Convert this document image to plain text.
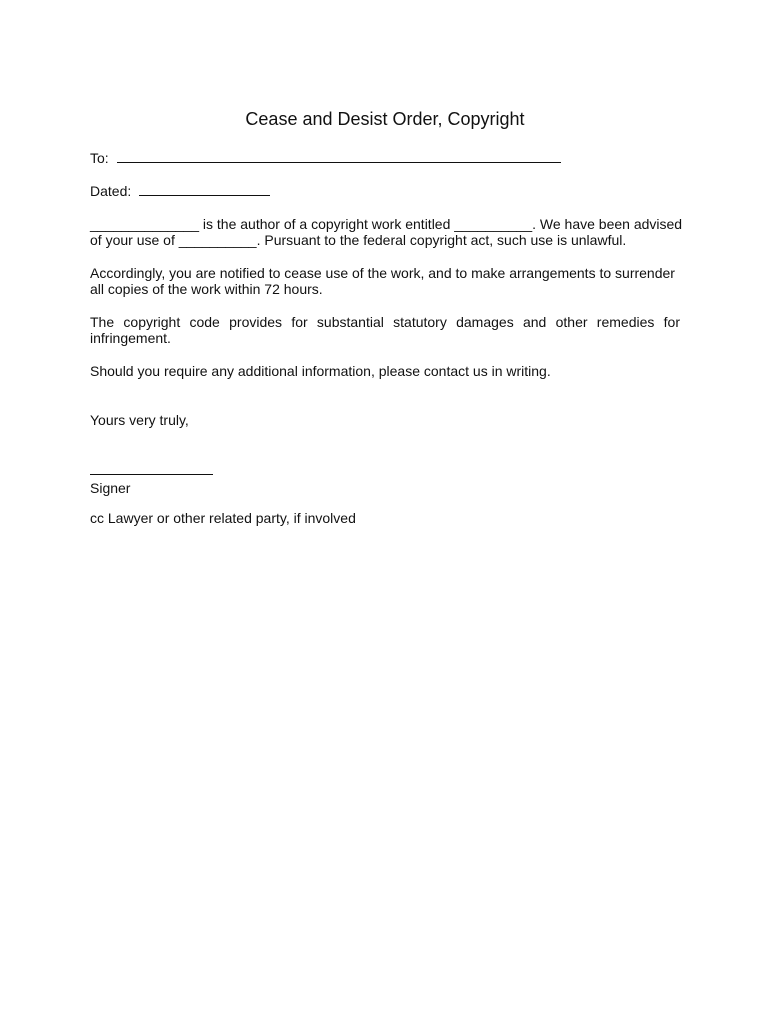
Cease and Desist Order, Copyright
To:
Dated:
______________ is the author of a copyright work entitled __________. We have been advised
of your use of __________. Pursuant to the federal copyright act, such use is unlawful.

Accordingly, you are notified to cease use of the work, and to make arrangements to surrender all copies of the work within 72 hours.

The copyright code provides for substantial statutory damages and other remedies for infringement.

Should you require any additional information, please contact us in writing.

Yours very truly,

Signer

cc Lawyer or other related party, if involved
